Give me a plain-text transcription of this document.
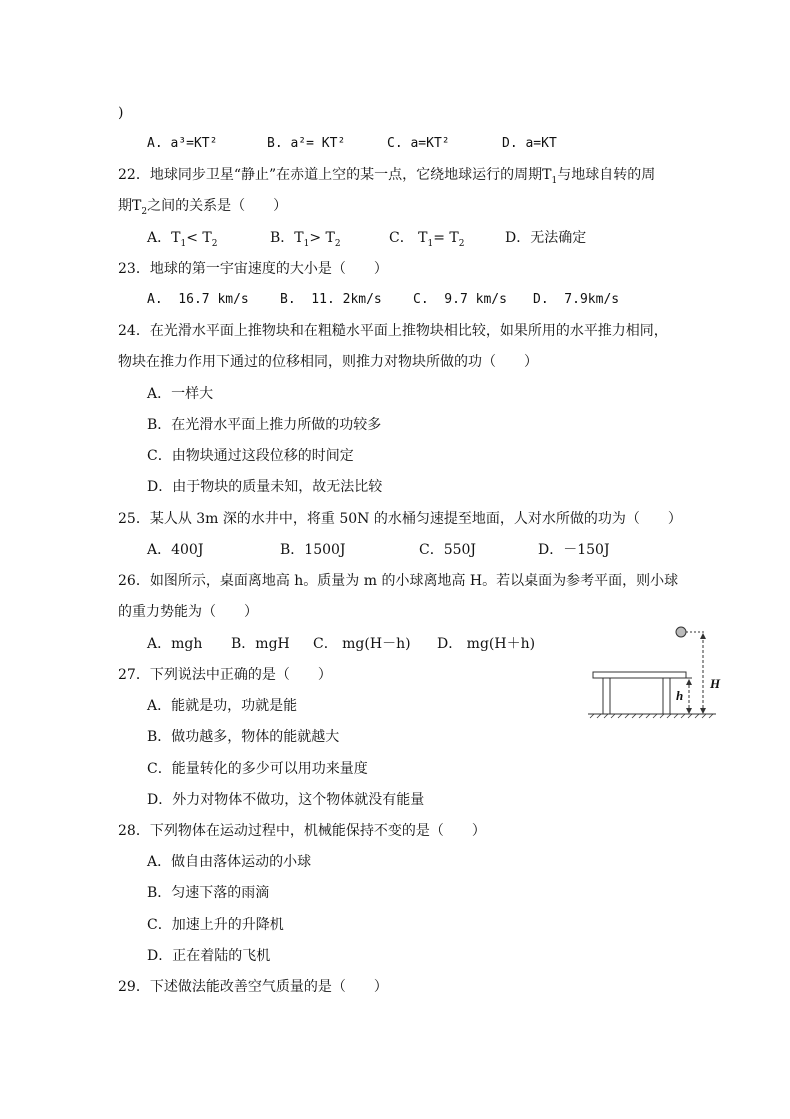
)

A. a³=KT²

	B. a²= KT²

	C. a=KT²

	D. a=KT

22．地球同步卫星“静止”在赤道上空的某一点，它绕地球运行的周期$T_1$与地球自转的周
期$T_2$之间的关系是（　　）

A．$T_1< T_2$

	B．$T_1> T_2$

	C． $T_1= T_2$

	D．无法确定

23．地球的第一宇宙速度的大小是（　　）

A.  16.7 km/s

B.  11. 2km/s

C.  9.7 km/s

D.  7.9km/s

24．在光滑水平面上推物块和在粗糙水平面上推物块相比较，如果所用的水平推力相同，
物块在推力作用下通过的位移相同，则推力对物块所做的功（　　）
A．一样大
B．在光滑水平面上推力所做的功较多
C．由物块通过这段位移的时间定
D．由于物块的质量未知，故无法比较
25．某人从 3m 深的水井中，将重 50N 的水桶匀速提至地面，人对水所做的功为（　　）

A．400J

	B．1500J

	C．550J

	D．－150J

26．如图所示，桌面离地高 h。质量为 m 的小球离地高 H。若以桌面为参考平面，则小球
的重力势能为（　　）

A．mgh

B．mgH

C． mg(H－h)

D． mg(H＋h)

H
h
27．下列说法中正确的是（　　）
A．能就是功，功就是能
B．做功越多，物体的能就越大
C．能量转化的多少可以用功来量度
D．外力对物体不做功，这个物体就没有能量
28．下列物体在运动过程中，机械能保持不变的是（　　）
A．做自由落体运动的小球
B．匀速下落的雨滴
C．加速上升的升降机
D．正在着陆的飞机
29．下述做法能改善空气质量的是（　　）
